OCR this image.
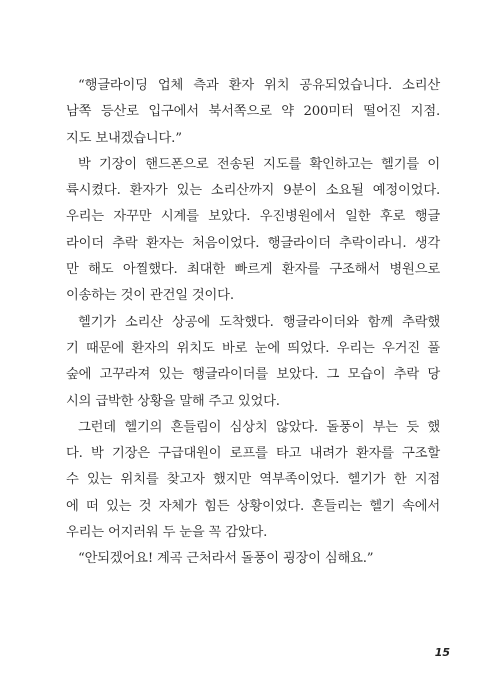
“행글라이딩 업체 측과 환자 위치 공유되었습니다. 소리산
남쪽 등산로 입구에서 북서쪽으로 약 200미터 떨어진 지점.
지도 보내겠습니다.”
박 기장이 핸드폰으로 전송된 지도를 확인하고는 헬기를 이
륙시켰다. 환자가 있는 소리산까지 9분이 소요될 예정이었다.
우리는 자꾸만 시계를 보았다. 우진병원에서 일한 후로 행글
라이더 추락 환자는 처음이었다. 행글라이더 추락이라니. 생각
만 해도 아찔했다. 최대한 빠르게 환자를 구조해서 병원으로
이송하는 것이 관건일 것이다.
헬기가 소리산 상공에 도착했다. 행글라이더와 함께 추락했
기 때문에 환자의 위치도 바로 눈에 띄었다. 우리는 우거진 풀
숲에 고꾸라져 있는 행글라이더를 보았다. 그 모습이 추락 당
시의 급박한 상황을 말해 주고 있었다.
그런데 헬기의 흔들림이 심상치 않았다. 돌풍이 부는 듯 했
다. 박 기장은 구급대원이 로프를 타고 내려가 환자를 구조할
수 있는 위치를 찾고자 했지만 역부족이었다. 헬기가 한 지점
에 떠 있는 것 자체가 힘든 상황이었다. 흔들리는 헬기 속에서
우리는 어지러워 두 눈을 꼭 감았다.
“안되겠어요! 계곡 근처라서 돌풍이 굉장이 심해요.”
15
